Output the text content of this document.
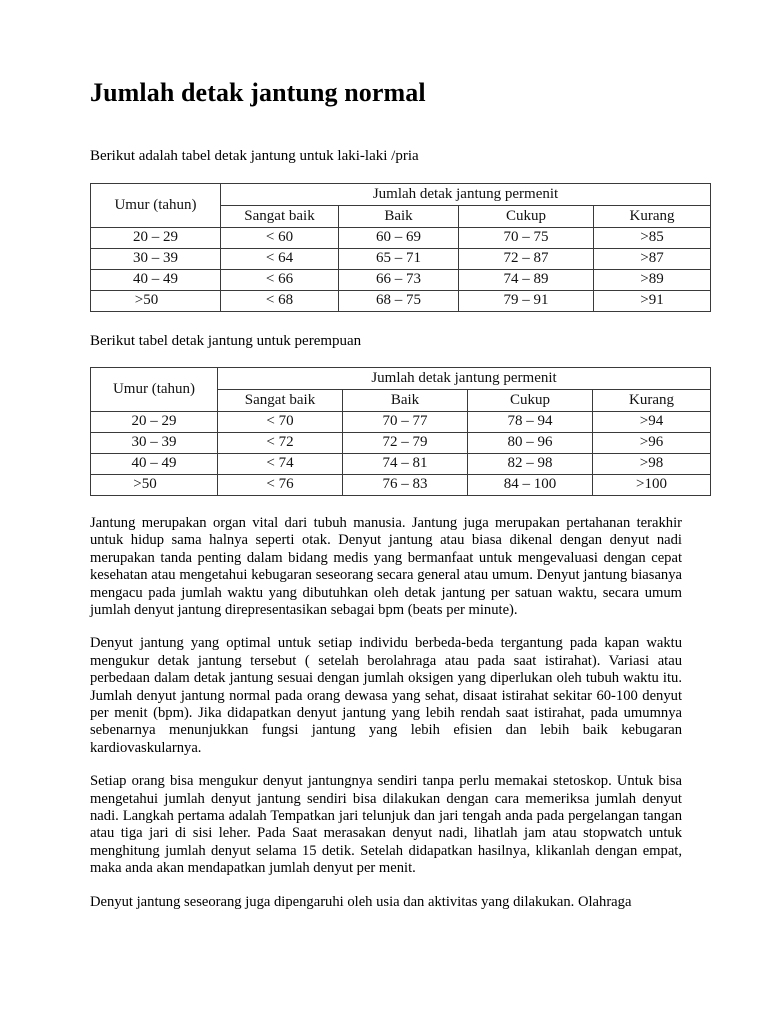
Jumlah detak jantung normal

Berikut adalah tabel detak jantung untuk laki-laki /pria

Umur (tahun)	Jumlah detak jantung permenit			
	Sangat baik	Baik	Cukup	Kurang
20 – 29	< 60	60 – 69	70 – 75	>85
30 – 39	< 64	65 – 71	72 – 87	>87
40 – 49	< 66	66 – 73	74 – 89	>89
>50	< 68	68 – 75	79 – 91	>91

Berikut tabel detak jantung untuk perempuan

Umur (tahun)	Jumlah detak jantung permenit			
	Sangat baik	Baik	Cukup	Kurang
20 – 29	< 70	70 – 77	78 – 94	>94
30 – 39	< 72	72 – 79	80 – 96	>96
40 – 49	< 74	74 – 81	82 – 98	>98
>50	< 76	76 – 83	84 – 100	>100

Jantung merupakan organ vital dari tubuh manusia. Jantung juga merupakan pertahanan terakhir untuk hidup sama halnya seperti otak. Denyut jantung atau biasa dikenal dengan denyut nadi merupakan tanda penting dalam bidang medis yang bermanfaat untuk mengevaluasi dengan cepat kesehatan atau mengetahui kebugaran seseorang secara general atau umum. Denyut jantung biasanya mengacu pada jumlah waktu yang dibutuhkan oleh detak jantung per satuan waktu, secara umum jumlah denyut jantung direpresentasikan sebagai bpm (beats per minute).

Denyut jantung yang optimal untuk setiap individu berbeda-beda tergantung pada kapan waktu mengukur detak jantung tersebut ( setelah berolahraga atau pada saat istirahat). Variasi atau perbedaan dalam detak jantung sesuai dengan jumlah oksigen yang diperlukan oleh tubuh waktu itu. Jumlah denyut jantung normal pada orang dewasa yang sehat, disaat istirahat sekitar 60-100 denyut per menit (bpm). Jika didapatkan denyut jantung yang lebih rendah saat istirahat, pada umumnya sebenarnya menunjukkan fungsi jantung yang lebih efisien dan lebih baik kebugaran kardiovaskularnya.

Setiap orang bisa mengukur denyut jantungnya sendiri tanpa perlu memakai stetoskop. Untuk bisa mengetahui jumlah denyut jantung sendiri bisa dilakukan dengan cara memeriksa jumlah denyut nadi. Langkah pertama adalah Tempatkan jari telunjuk dan jari tengah anda pada pergelangan tangan atau tiga jari di sisi leher. Pada Saat merasakan denyut nadi, lihatlah jam atau stopwatch untuk menghitung jumlah denyut selama 15 detik. Setelah didapatkan hasilnya, klikanlah dengan empat, maka anda akan mendapatkan jumlah denyut per menit.

Denyut jantung seseorang juga dipengaruhi oleh usia dan aktivitas yang dilakukan. Olahraga
